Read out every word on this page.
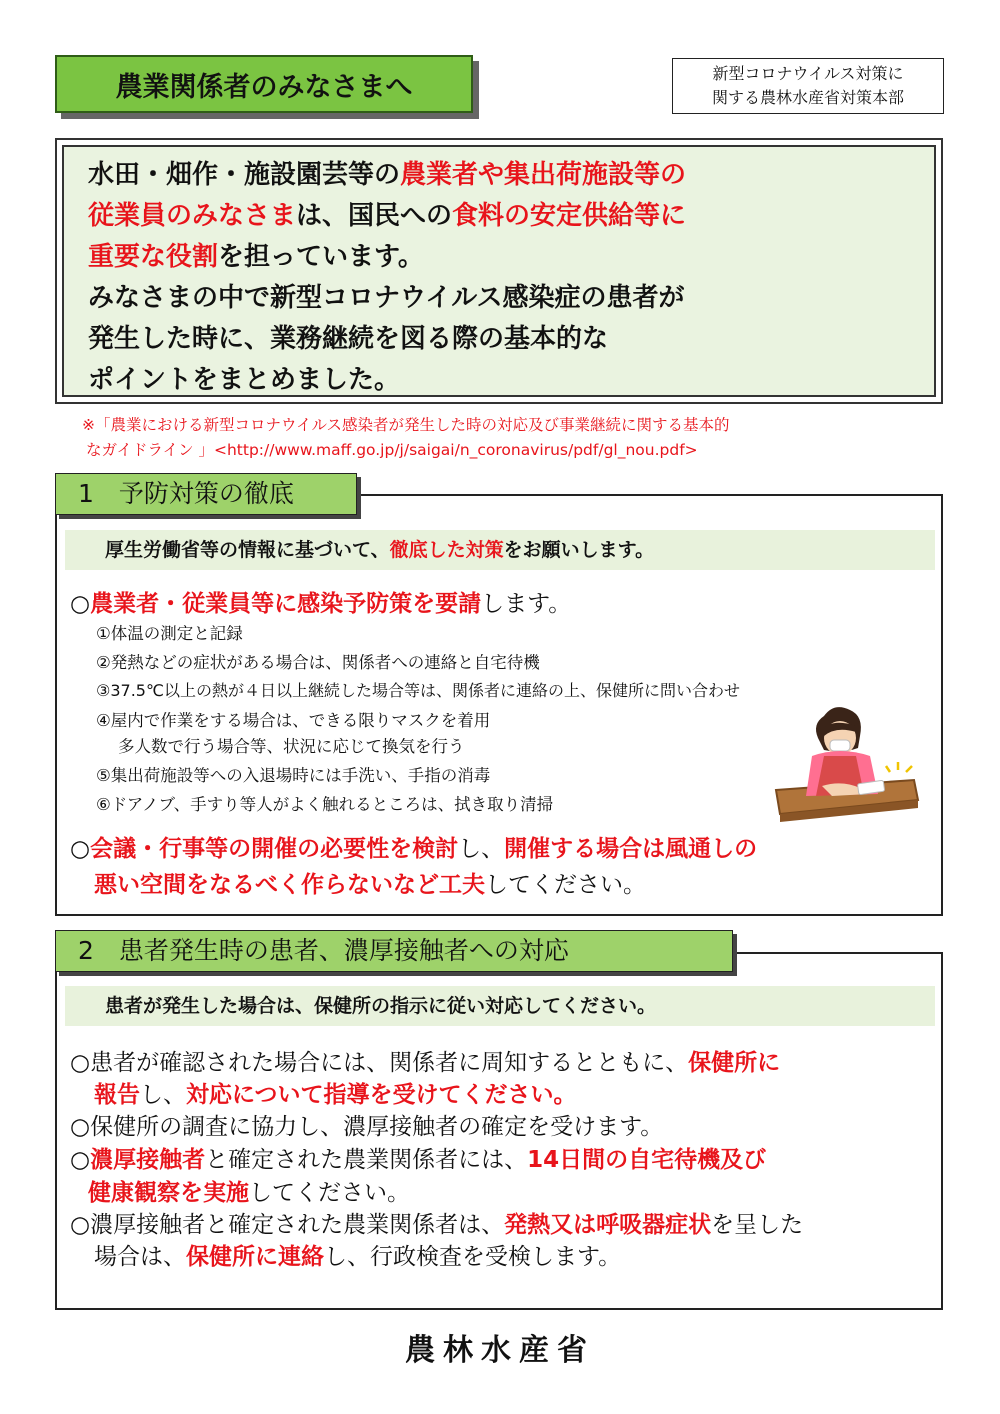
農業関係者のみなさまへ	新型コロナウイルス対策に
関する農林水産省対策本部
水田・畑作・施設園芸等の農業者や集出荷施設等の
従業員のみなさまは、国民への食料の安定供給等に
重要な役割を担っています。
みなさまの中で新型コロナウイルス感染症の患者が
発生した時に、業務継続を図る際の基本的な
ポイントをまとめました。
※「農業における新型コロナウイルス感染者が発生した時の対応及び事業継続に関する基本的
なガイドライン 」<http://www.maff.go.jp/j/saigai/n_coronavirus/pdf/gl_nou.pdf>
1　予防対策の徹底
厚生労働省等の情報に基づいて、徹底した対策をお願いします。
○農業者・従業員等に感染予防策を要請します。
①体温の測定と記録
②発熱などの症状がある場合は、関係者への連絡と自宅待機
③37.5℃以上の熱が４日以上継続した場合等は、関係者に連絡の上、保健所に問い合わせ
④屋内で作業をする場合は、できる限りマスクを着用
多人数で行う場合等、状況に応じて換気を行う
⑤集出荷施設等への入退場時には手洗い、手指の消毒
⑥ドアノブ、手すり等人がよく触れるところは、拭き取り清掃
○会議・行事等の開催の必要性を検討し、開催する場合は風通しの
悪い空間をなるべく作らないなど工夫してください。
2　患者発生時の患者、濃厚接触者への対応
患者が発生した場合は、保健所の指示に従い対応してください。
○患者が確認された場合には、関係者に周知するとともに、保健所に
報告し、対応について指導を受けてください。
○保健所の調査に協力し、濃厚接触者の確定を受けます。
○濃厚接触者と確定された農業関係者には、14日間の自宅待機及び
健康観察を実施してください。
○濃厚接触者と確定された農業関係者は、発熱又は呼吸器症状を呈した
場合は、保健所に連絡し、行政検査を受検します。
農林水産省
